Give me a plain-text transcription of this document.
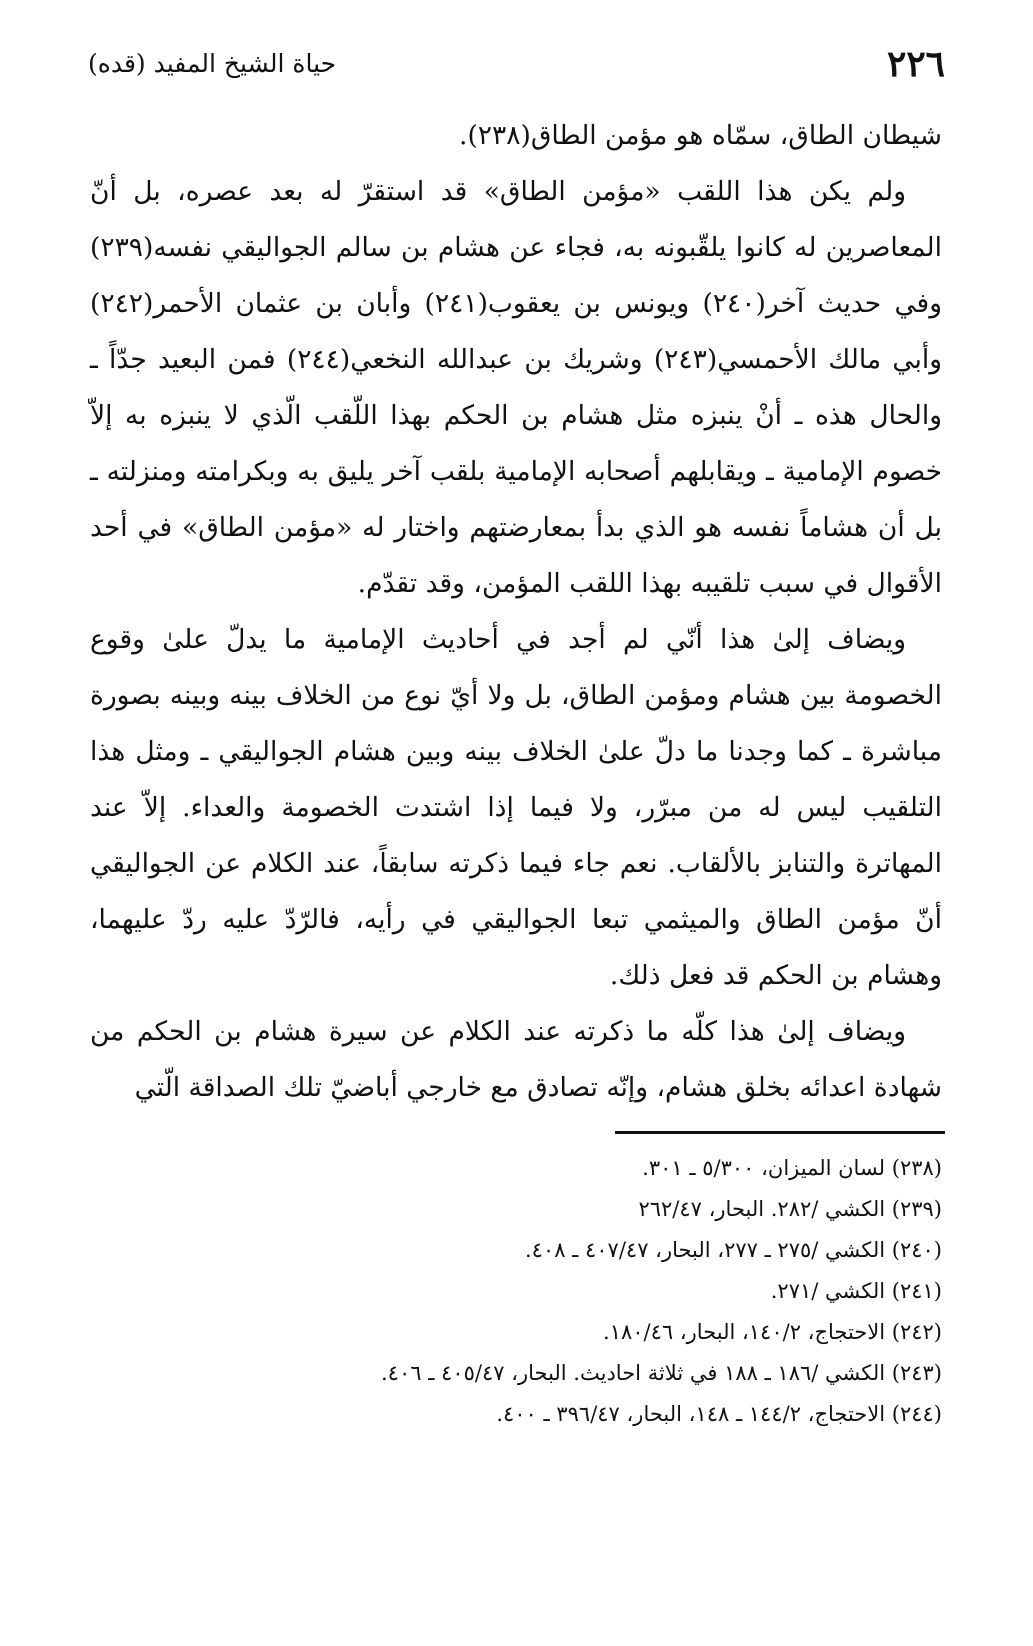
٢٢٦
حياة الشيخ المفيد (قده)

شيطان الطاق، سمّاه هو مؤمن الطاق(٢٣٨).

ولم يكن هذا اللقب «مؤمن الطاق» قد استقرّ له بعد عصره، بل أنّ المعاصرين له كانوا يلقّبونه به، فجاء عن هشام بن سالم الجواليقي نفسه(٢٣٩) وفي حديث آخر(٢٤٠) ويونس بن يعقوب(٢٤١) وأبان بن عثمان الأحمر(٢٤٢) وأبي مالك الأحمسي(٢٤٣) وشريك بن عبدالله النخعي(٢٤٤) فمن البعيد جدّاً ـ والحال هذه ـ أنْ ينبزه مثل هشام بن الحكم بهذا اللّقب الّذي لا ينبزه به إلاّ خصوم الإمامية ـ ويقابلهم أصحابه الإمامية بلقب آخر يليق به وبكرامته ومنزلته ـ بل أن هشاماً نفسه هو الذي بدأ بمعارضتهم واختار له «مؤمن الطاق» في أحد الأقوال في سبب تلقيبه بهذا اللقب المؤمن، وقد تقدّم.

ويضاف إلىٰ هذا أنّي لم أجد في أحاديث الإمامية ما يدلّ علىٰ وقوع الخصومة بين هشام ومؤمن الطاق، بل ولا أيّ نوع من الخلاف بينه وبينه بصورة مباشرة ـ كما وجدنا ما دلّ علىٰ الخلاف بينه وبين هشام الجواليقي ـ ومثل هذا التلقيب ليس له من مبرّر، ولا فيما إذا اشتدت الخصومة والعداء. إلاّ عند المهاترة والتنابز بالألقاب. نعم جاء فيما ذكرته سابقاً، عند الكلام عن الجواليقي أنّ مؤمن الطاق والميثمي تبعا الجواليقي في رأيه، فالرّدّ عليه ردّ عليهما، وهشام بن الحكم قد فعل ذلك.

ويضاف إلىٰ هذا كلّه ما ذكرته عند الكلام عن سيرة هشام بن الحكم من شهادة اعدائه بخلق هشام، وإنّه تصادق مع خارجي أباضيّ تلك الصداقة الّتي

(٢٣٨) لسان الميزان، ٥/٣٠٠ ـ ٣٠١.
(٢٣٩) الكشي /٢٨٢. البحار، ٢٦٢/٤٧
(٢٤٠) الكشي /٢٧٥ ـ ٢٧٧، البحار، ٤٠٧/٤٧ ـ ٤٠٨.
(٢٤١) الكشي /٢٧١.
(٢٤٢) الاحتجاج، ١٤٠/٢، البحار، ١٨٠/٤٦.
(٢٤٣) الكشي /١٨٦ ـ ١٨٨ في ثلاثة احاديث. البحار، ٤٠٥/٤٧ ـ ٤٠٦.
(٢٤٤) الاحتجاج، ١٤٤/٢ ـ ١٤٨، البحار، ٣٩٦/٤٧ ـ ٤٠٠.
